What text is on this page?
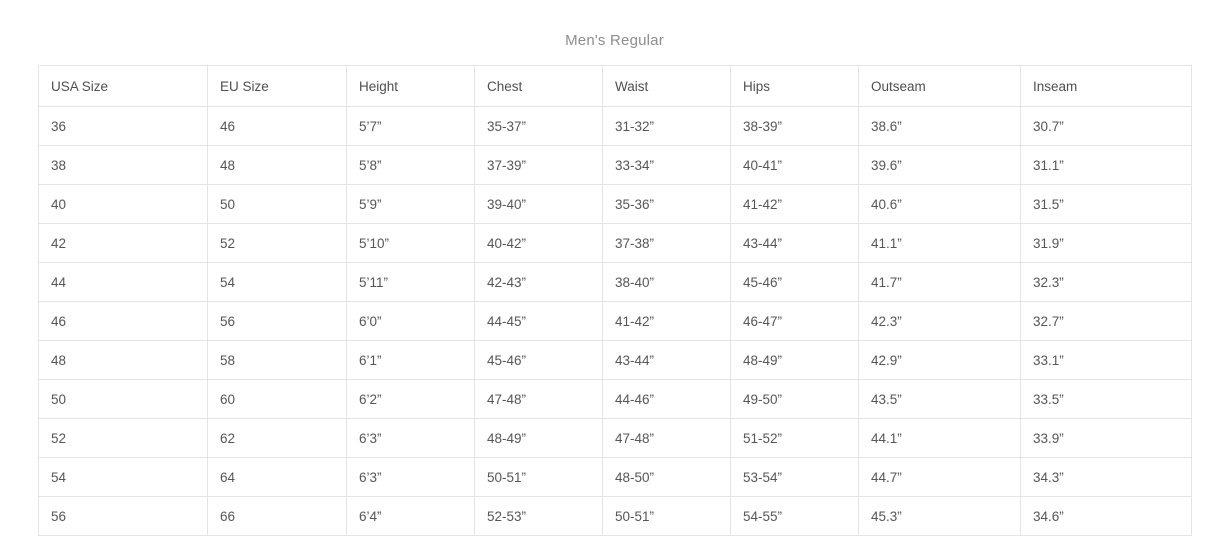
Men's Regular
USA Size	EU Size	Height	Chest	Waist	Hips	Outseam	Inseam
36	46	5’7”	35-37”	31-32”	38-39”	38.6”	30.7”
38	48	5’8”	37-39”	33-34”	40-41”	39.6”	31.1”
40	50	5’9”	39-40”	35-36”	41-42”	40.6”	31.5”
42	52	5’10”	40-42”	37-38”	43-44”	41.1”	31.9”
44	54	5’11”	42-43”	38-40”	45-46”	41.7”	32.3”
46	56	6’0”	44-45”	41-42”	46-47”	42.3”	32.7”
48	58	6’1”	45-46”	43-44”	48-49”	42.9”	33.1”
50	60	6’2”	47-48”	44-46”	49-50”	43.5”	33.5”
52	62	6’3”	48-49”	47-48”	51-52”	44.1”	33.9”
54	64	6’3”	50-51”	48-50”	53-54”	44.7”	34.3”
56	66	6’4”	52-53”	50-51”	54-55”	45.3”	34.6”
